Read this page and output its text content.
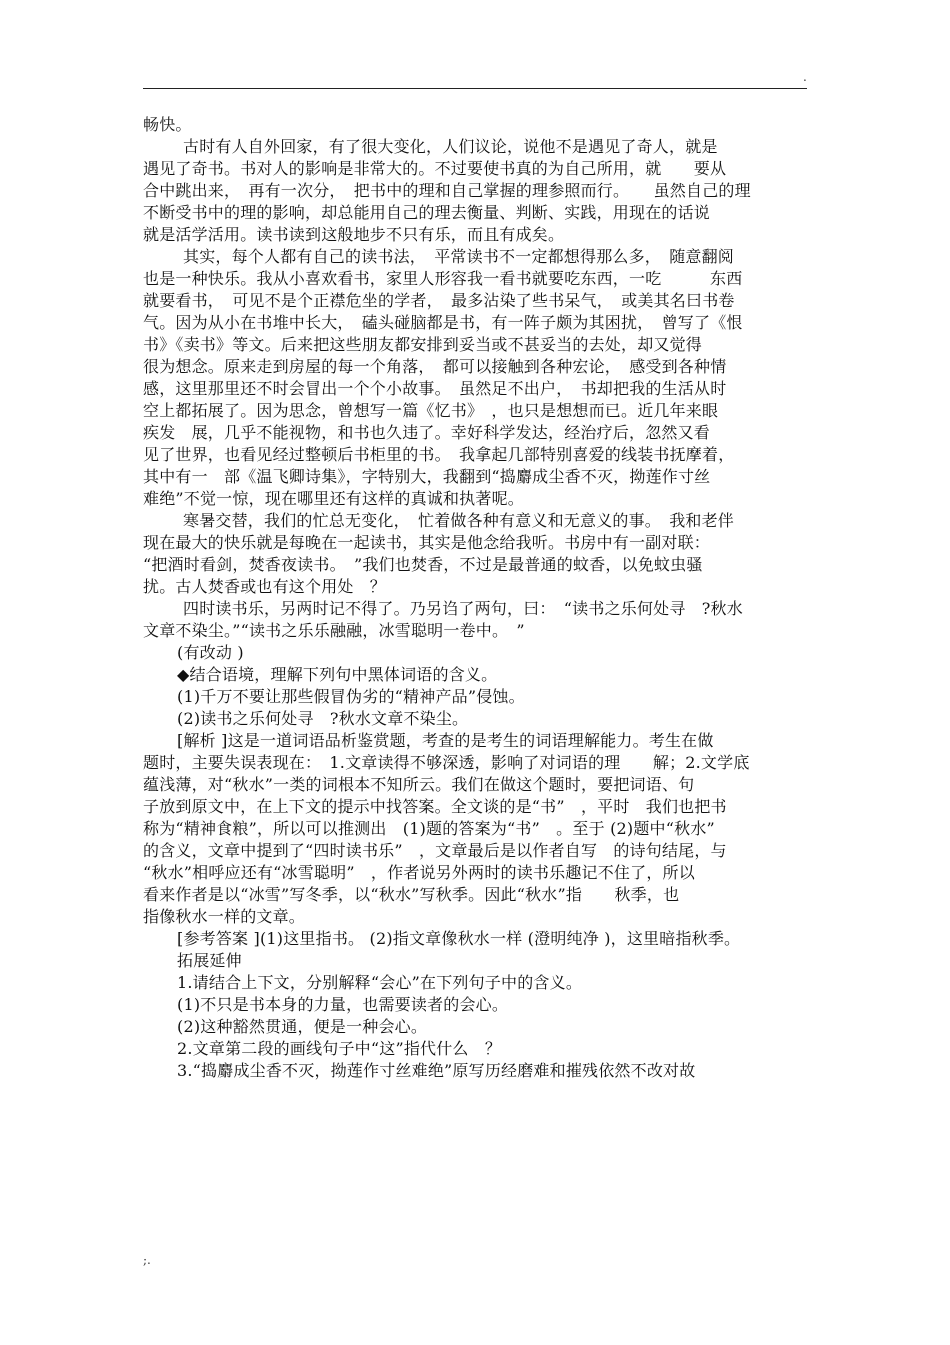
.
畅快。
古时有人自外回家，有了很大变化，人们议论，说他不是遇见了奇人，就是
遇见了奇书。书对人的影响是非常大的。不过要使书真的为自己所用，就　　要从
合中跳出来，　再有一次分，　把书中的理和自己掌握的理参照而行。　　虽然自己的理
不断受书中的理的影响，却总能用自己的理去衡量、判断、实践，用现在的话说
就是活学活用。读书读到这般地步不只有乐，而且有成矣。
其实，每个人都有自己的读书法，　平常读书不一定都想得那么多，　随意翻阅
也是一种快乐。我从小喜欢看书，家里人形容我一看书就要吃东西，一吃　　　东西
就要看书，　可见不是个正襟危坐的学者，　最多沾染了些书呆气，　或美其名曰书卷
气。因为从小在书堆中长大，　磕头碰脑都是书，有一阵子颇为其困扰，　曾写了《恨
书》《卖书》等文。后来把这些朋友都安排到妥当或不甚妥当的去处，却又觉得
很为想念。原来走到房屋的每一个角落，　都可以接触到各种宏论，　感受到各种情
感，这里那里还不时会冒出一个个小故事。　虽然足不出户，　书却把我的生活从时
空上都拓展了。因为思念，曾想写一篇《忆书》　，也只是想想而已。近几年来眼
疾发　展，几乎不能视物，和书也久违了。幸好科学发达，经治疗后，忽然又看
见了世界，也看见经过整顿后书柜里的书。　我拿起几部特别喜爱的线装书抚摩着，
其中有一　部《温飞卿诗集》，字特别大，我翻到“捣麝成尘香不灭，拗莲作寸丝
难绝”不觉一惊，现在哪里还有这样的真诚和执著呢。
寒暑交替，我们的忙总无变化，　忙着做各种有意义和无意义的事。　我和老伴
现在最大的快乐就是每晚在一起读书，其实是他念给我听。书房中有一副对联：
“把酒时看剑，焚香夜读书。　”我们也焚香，不过是最普通的蚊香，以免蚊虫骚
扰。古人焚香或也有这个用处　？
四时读书乐，另两时记不得了。乃另诌了两句，曰：　“读书之乐何处寻　?秋水
文章不染尘。”“读书之乐乐融融，冰雪聪明一卷中。　”
(有改动 )
◆结合语境，理解下列句中黑体词语的含义。
(1)千万不要让那些假冒伪劣的“精神产品”侵蚀。
(2)读书之乐何处寻　?秋水文章不染尘。
[解析 ]这是一道词语品析鉴赏题，考查的是考生的词语理解能力。考生在做
题时，主要失误表现在：　1.文章读得不够深透，影响了对词语的理　　解；2.文学底
蕴浅薄，对“秋水”一类的词根本不知所云。我们在做这个题时，要把词语、句
子放到原文中，在上下文的提示中找答案。全文谈的是“书”　，平时　我们也把书
称为“精神食粮”，所以可以推测出　(1)题的答案为“书”　。至于 (2)题中“秋水”
的含义，文章中提到了“四时读书乐”　，文章最后是以作者自写　的诗句结尾，与
“秋水”相呼应还有“冰雪聪明”　，作者说另外两时的读书乐趣记不住了，所以
看来作者是以“冰雪”写冬季，以“秋水”写秋季。因此“秋水”指　　秋季，也
指像秋水一样的文章。
[参考答案 ](1)这里指书。 (2)指文章像秋水一样 (澄明纯净 )，这里暗指秋季。
拓展延伸
1.请结合上下文，分别解释“会心”在下列句子中的含义。
(1)不只是书本身的力量，也需要读者的会心。
(2)这种豁然贯通，便是一种会心。
2.文章第二段的画线句子中“这”指代什么　？
3.“捣麝成尘香不灭，拗莲作寸丝难绝”原写历经磨难和摧残依然不改对故
;.
